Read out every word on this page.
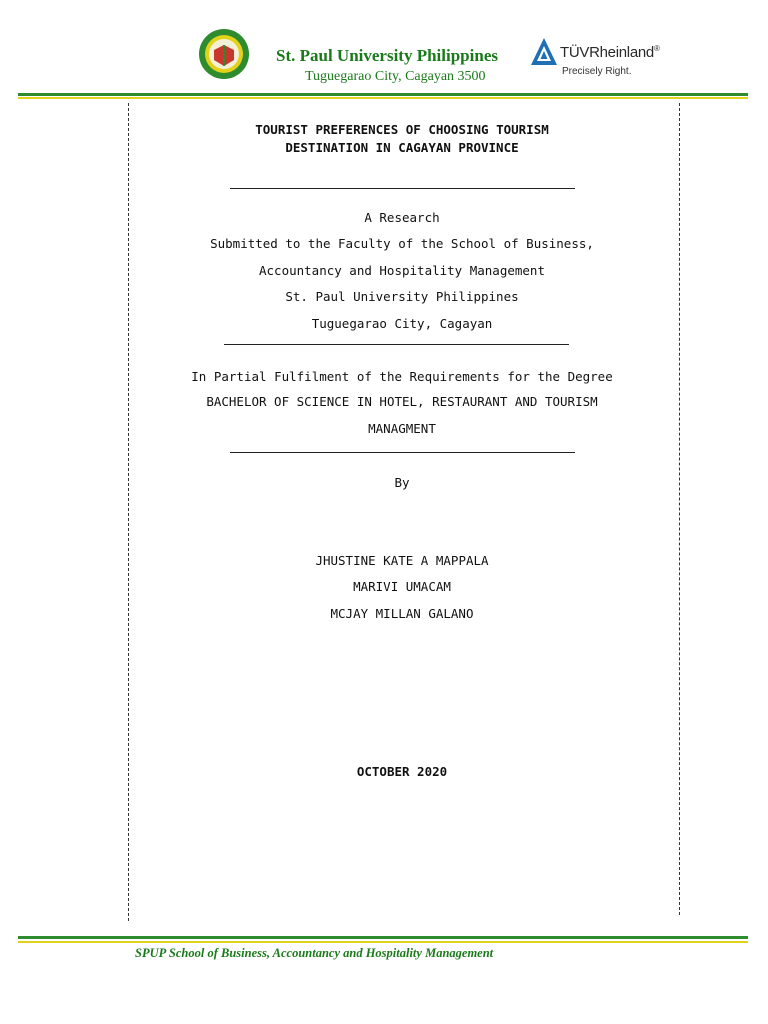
St. Paul University Philippines
Tuguegarao City, Cagayan 3500
TÜVRheinland®
Precisely Right.
TOURIST PREFERENCES OF CHOOSING TOURISM
DESTINATION IN CAGAYAN PROVINCE
A Research
Submitted to the Faculty of the School of Business,
Accountancy and Hospitality Management
St. Paul University Philippines
Tuguegarao City, Cagayan
In Partial Fulfilment of the Requirements for the Degree
BACHELOR OF SCIENCE IN HOTEL, RESTAURANT AND TOURISM
MANAGMENT
By
JHUSTINE KATE A MAPPALA
MARIVI UMACAM
MCJAY MILLAN GALANO
OCTOBER 2020
SPUP School of Business, Accountancy and Hospitality Management
